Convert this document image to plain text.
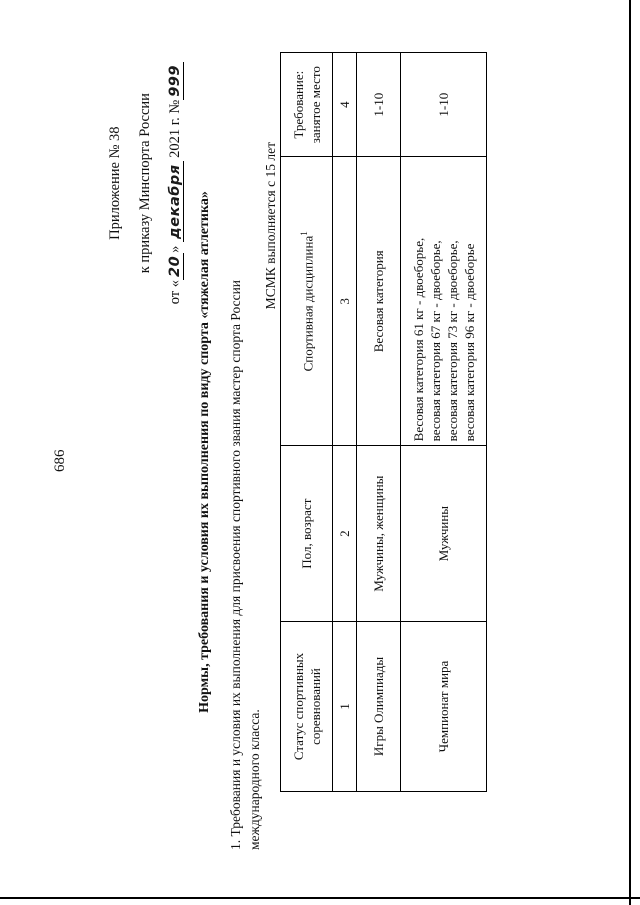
686
Приложение № 38 к приказу Минспорта России
от «20» декабря 2021 г. №999
Нормы, требования и условия их выполнения по виду спорта «тяжелая атлетика» 1. Требования и условия их выполнения для присвоения спортивного звания мастер спорта России международного класса.
МСМК выполняется с 15 лет
Статус спортивных соревнований	Пол, возраст	Спортивная дисциплина$^1$	Требование: занятое место
1	2	3	4
Игры Олимпиады	Мужчины, женщины	Весовая категория	1-10
Чемпионат мира	Мужчины	Весовая категория 61 кг - двоеборье, весовая категория 67 кг - двоеборье, весовая категория 73 кг - двоеборье, весовая категория 96 кг - двоеборье	1-10
